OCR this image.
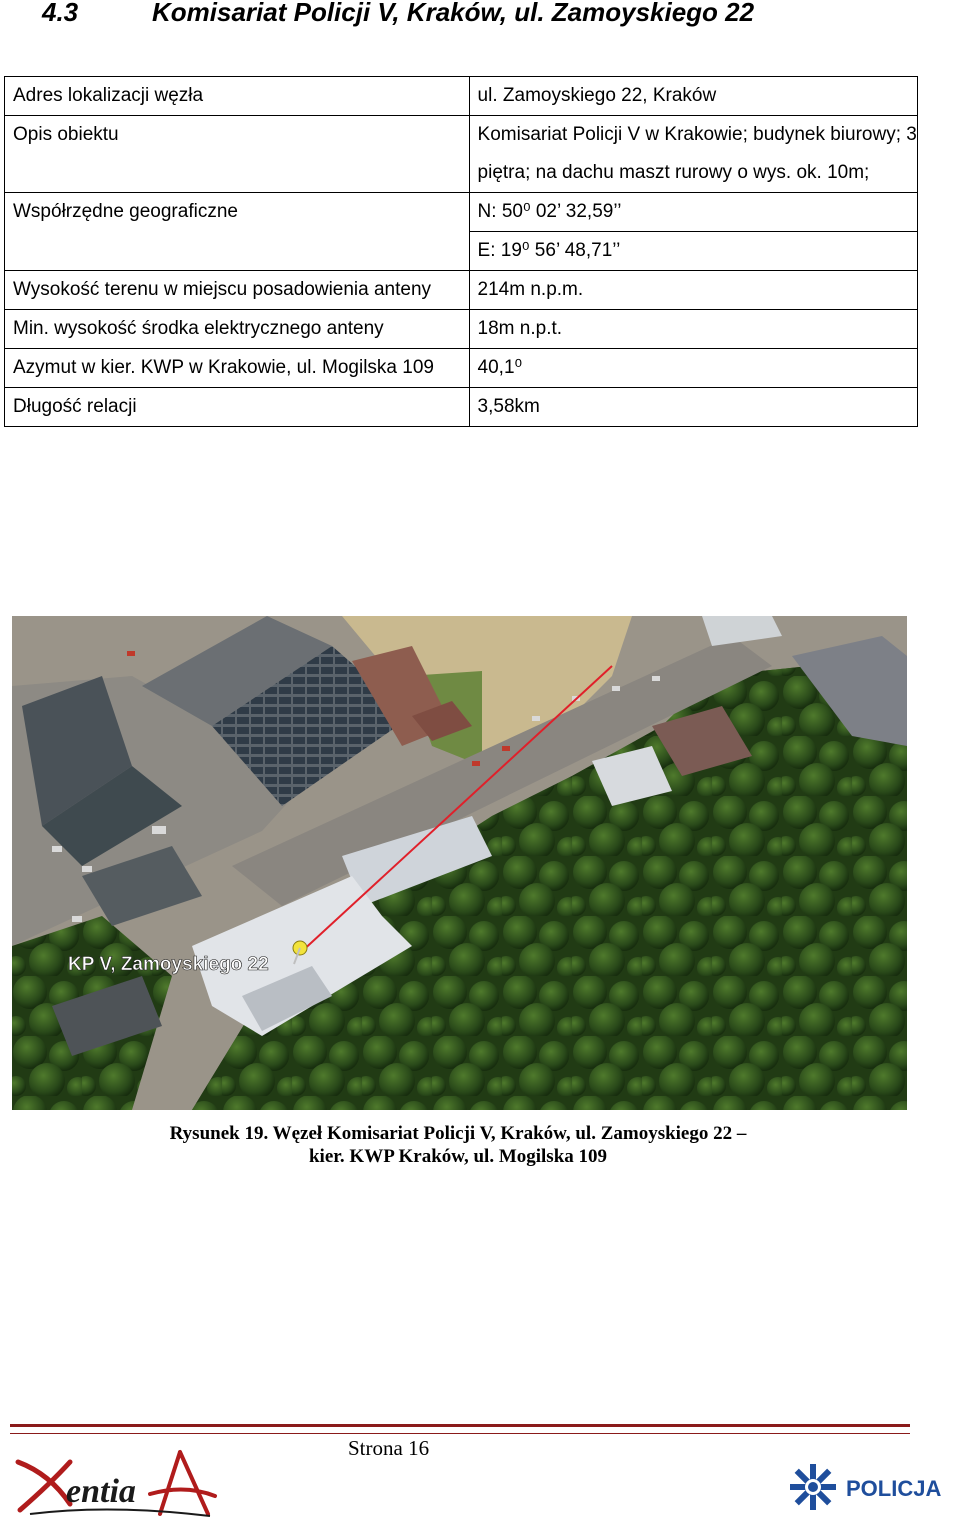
4.3	Komisariat Policji V, Kraków, ul. Zamoyskiego 22
Adres lokalizacji węzła	ul. Zamoyskiego 22, Kraków
Opis obiektu	Komisariat Policji V w Krakowie; budynek biurowy; 3 piętra; na dachu maszt rurowy o wys. ok. 10m;
Współrzędne geograficzne	N: 50⁰ 02’ 32,59’’
	E: 19⁰ 56’ 48,71’’
Wysokość terenu w miejscu posadowienia anteny	214m n.p.m.
Min. wysokość środka elektrycznego anteny	18m n.p.t.
Azymut w kier. KWP w Krakowie, ul. Mogilska 109	40,1⁰
Długość relacji	3,58km
KP V, Zamoyskiego 22
Rysunek 19. Węzeł Komisariat Policji V, Kraków, ul. Zamoyskiego 22 –
kier. KWP Kraków, ul. Mogilska 109
Strona 16
entia	POLICJA
